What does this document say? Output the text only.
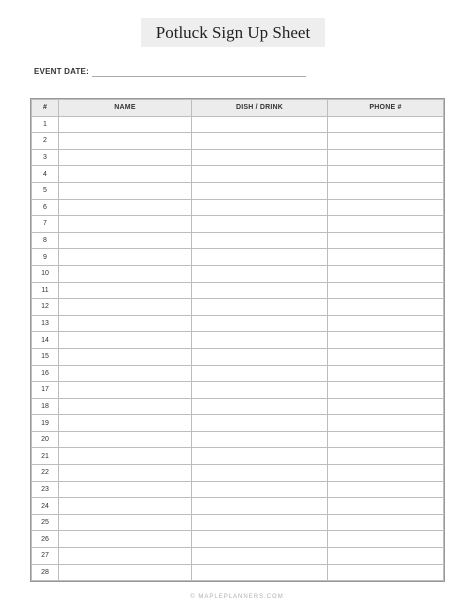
Potluck Sign Up Sheet
EVENT DATE:
#	NAME	DISH / DRINK	PHONE #
1			
2			
3			
4			
5			
6			
7			
8			
9			
10			
11			
12			
13			
14			
15			
16			
17			
18			
19			
20			
21			
22			
23			
24			
25			
26			
27			
28			
© MAPLEPLANNERS.COM
